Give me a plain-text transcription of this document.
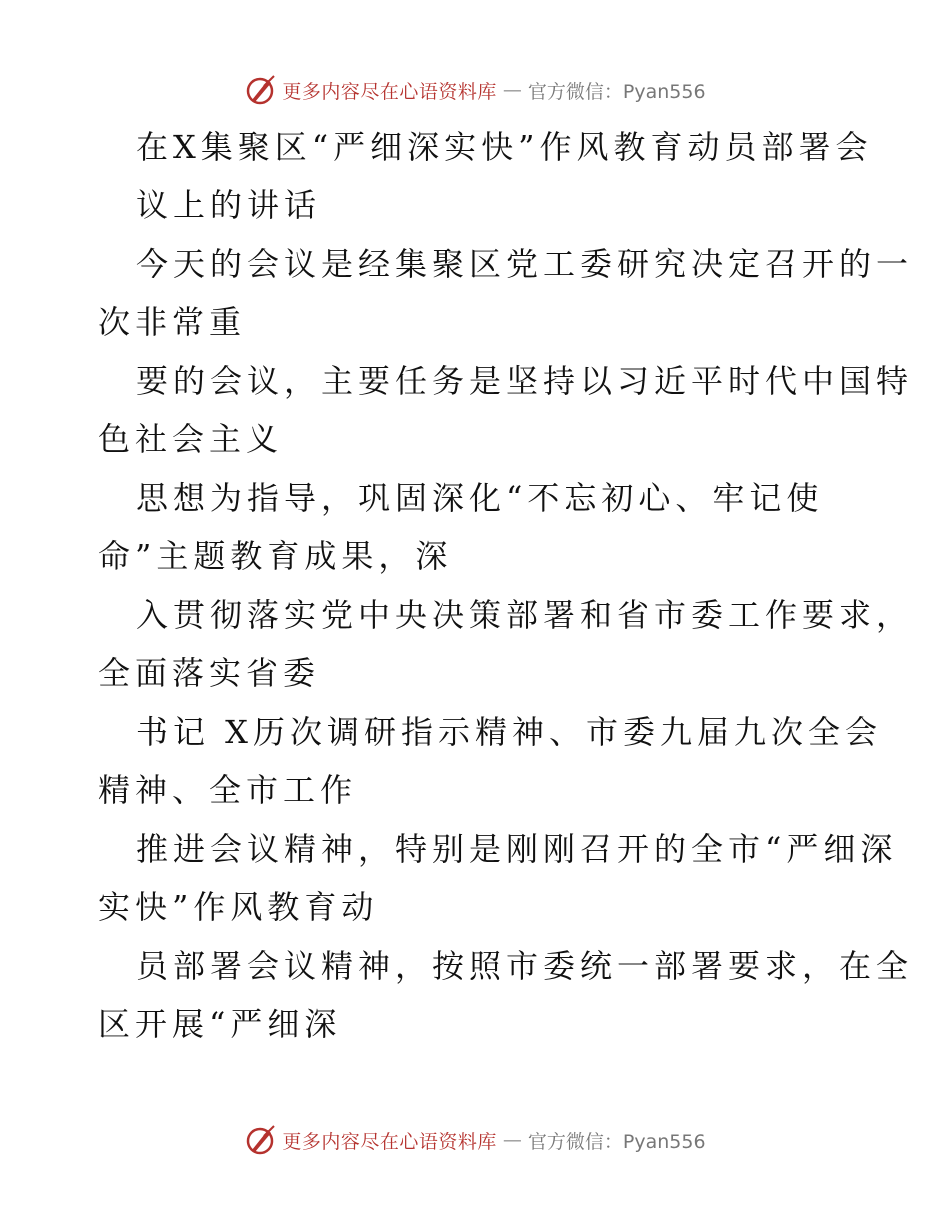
更多内容尽在心语资料库 — 官方微信：Pyan556
在X集聚区“严细深实快”作风教育动员部署会
议上的讲话
今天的会议是经集聚区党工委研究决定召开的一
次非常重
要的会议，主要任务是坚持以习近平时代中国特
色社会主义
思想为指导，巩固深化“不忘初心、牢记使
命”主题教育成果，深
入贯彻落实党中央决策部署和省市委工作要求，
全面落实省委
书记 X历次调研指示精神、市委九届九次全会
精神、全市工作
推进会议精神，特别是刚刚召开的全市“严细深
实快”作风教育动
员部署会议精神，按照市委统一部署要求，在全
区开展“严细深
更多内容尽在心语资料库 — 官方微信：Pyan556
